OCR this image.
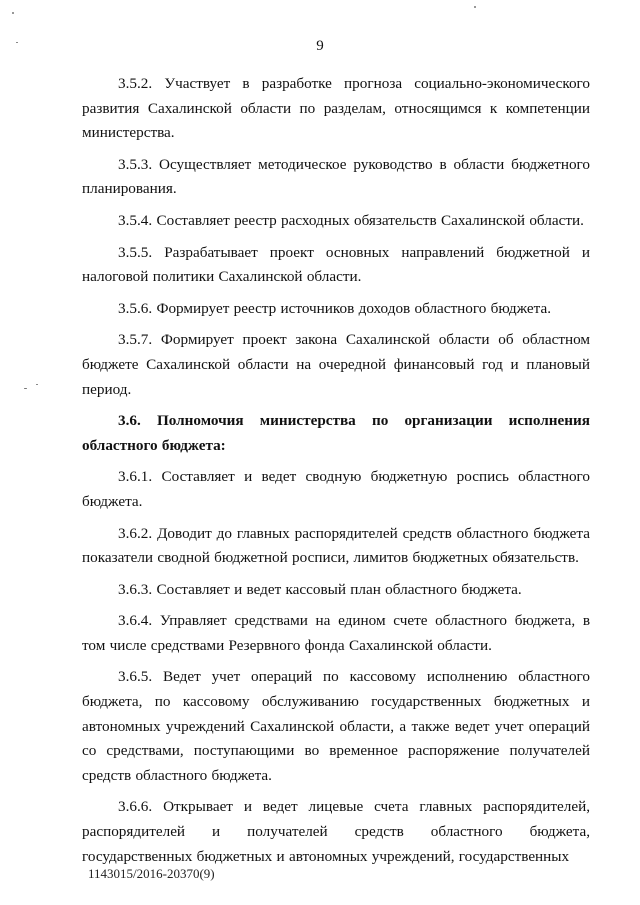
9

3.5.2. Участвует в разработке прогноза социально-экономического развития Сахалинской области по разделам, относящимся к компетенции министерства.

3.5.3. Осуществляет методическое руководство в области бюджетного планирования.

3.5.4. Составляет реестр расходных обязательств Сахалинской области.

3.5.5. Разрабатывает проект основных направлений бюджетной и налоговой политики Сахалинской области.

3.5.6. Формирует реестр источников доходов областного бюджета.

3.5.7. Формирует проект закона Сахалинской области об областном бюджете Сахалинской области на очередной финансовый год и плановый период.

3.6. Полномочия министерства по организации исполнения областного бюджета:

3.6.1. Составляет и ведет сводную бюджетную роспись областного бюджета.

3.6.2. Доводит до главных распорядителей средств областного бюджета показатели сводной бюджетной росписи, лимитов бюджетных обязательств.

3.6.3. Составляет и ведет кассовый план областного бюджета.

3.6.4. Управляет средствами на едином счете областного бюджета, в том числе средствами Резервного фонда Сахалинской области.

3.6.5. Ведет учет операций по кассовому исполнению областного бюджета, по кассовому обслуживанию государственных бюджетных и автономных учреждений Сахалинской области, а также ведет учет операций со средствами, поступающими во временное распоряжение получателей средств областного бюджета.

3.6.6. Открывает и ведет лицевые счета главных распорядителей, распорядителей и получателей средств областного бюджета, государственных бюджетных и автономных учреждений, государственных

1143015/2016-20370(9)
